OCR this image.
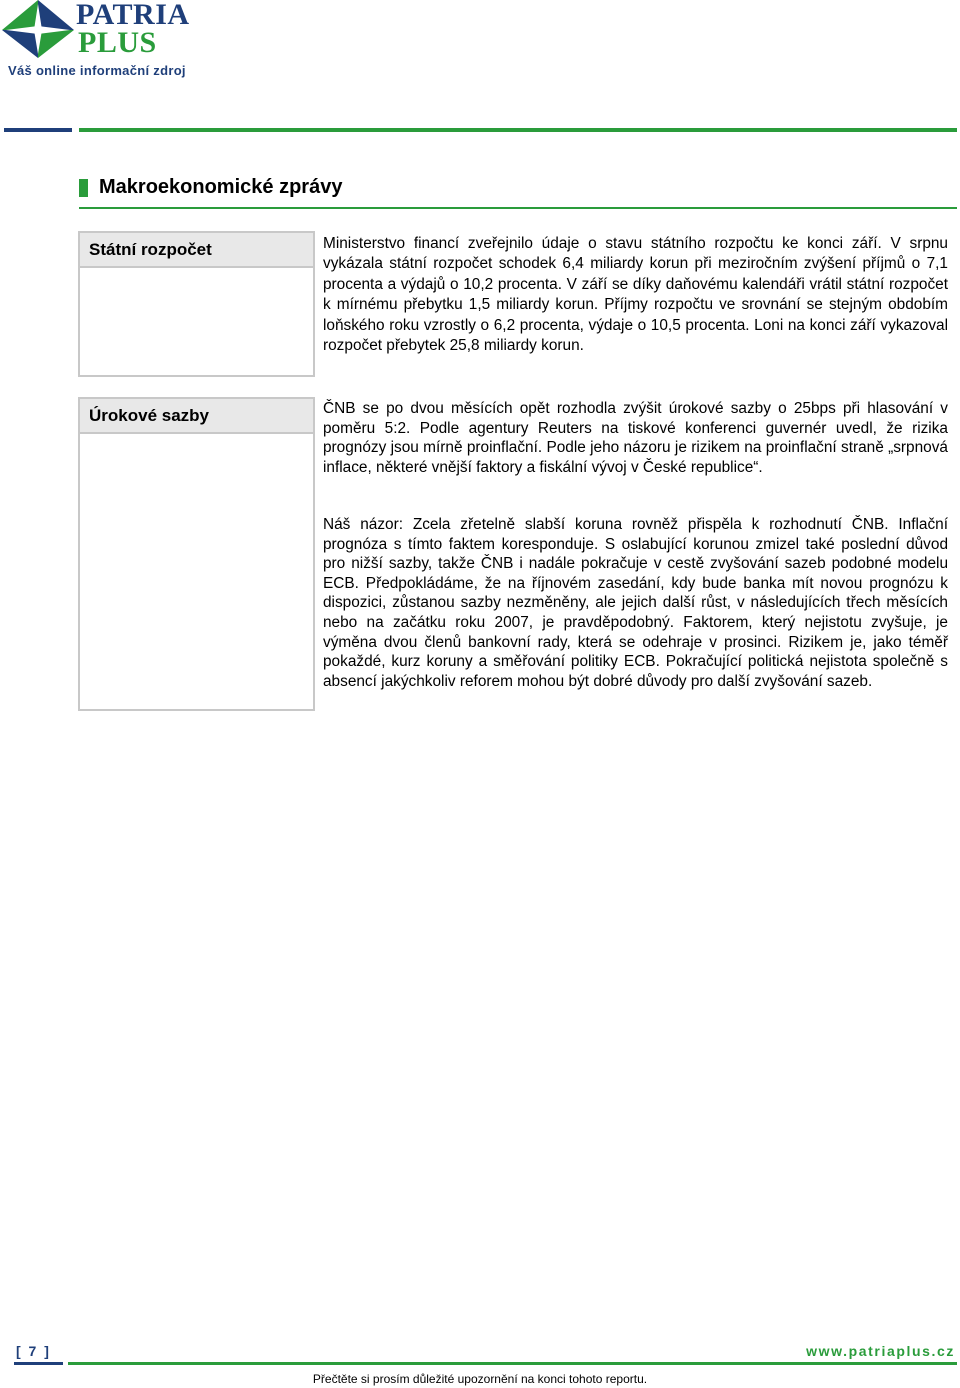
PATRIA
PLUS
Váš online informační zdroj
Makroekonomické zprávy
Státní rozpočet	Ministerstvo financí zveřejnilo údaje o stavu státního rozpočtu ke konci září. V srpnu vykázala státní rozpočet schodek 6,4 miliardy korun při meziročním zvýšení příjmů o 7,1 procenta a výdajů o 10,2 procenta. V září se díky daňovému kalendáři vrátil státní rozpočet k mírnému přebytku 1,5 miliardy korun. Příjmy rozpočtu ve srovnání se stejným obdobím loňského roku vzrostly o 6,2 procenta, výdaje o 10,5 procenta. Loni na konci září vykazoval rozpočet přebytek 25,8 miliardy korun.

Úrokové sazby	ČNB se po dvou měsících opět rozhodla zvýšit úrokové sazby o 25bps při hlasování v poměru 5:2. Podle agentury Reuters na tiskové konferenci guvernér uvedl, že rizika prognózy jsou mírně proinflační. Podle jeho názoru je rizikem na proinflační straně „srpnová inflace, některé vnější faktory a fiskální vývoj v České republice“.

Náš názor: Zcela zřetelně slabší koruna rovněž přispěla k rozhodnutí ČNB. Inflační prognóza s tímto faktem koresponduje. S oslabující korunou zmizel také poslední důvod pro nižší sazby, takže ČNB i nadále pokračuje v cestě zvyšování sazeb podobné modelu ECB. Předpokládáme, že na říjnovém zasedání, kdy bude banka mít novou prognózu k dispozici, zůstanou sazby nezměněny, ale jejich další růst, v následujících třech měsících nebo na začátku roku 2007, je pravděpodobný. Faktorem, který nejistotu zvyšuje, je výměna dvou členů bankovní rady, která se odehraje v prosinci. Rizikem je, jako téměř pokaždé, kurz koruny a směřování politiky ECB. Pokračující politická nejistota společně s absencí jakýchkoliv reforem mohou být dobré důvody pro další zvyšování sazeb.

[ 7 ]	www.patriaplus.cz
Přečtěte si prosím důležité upozornění na konci tohoto reportu.
